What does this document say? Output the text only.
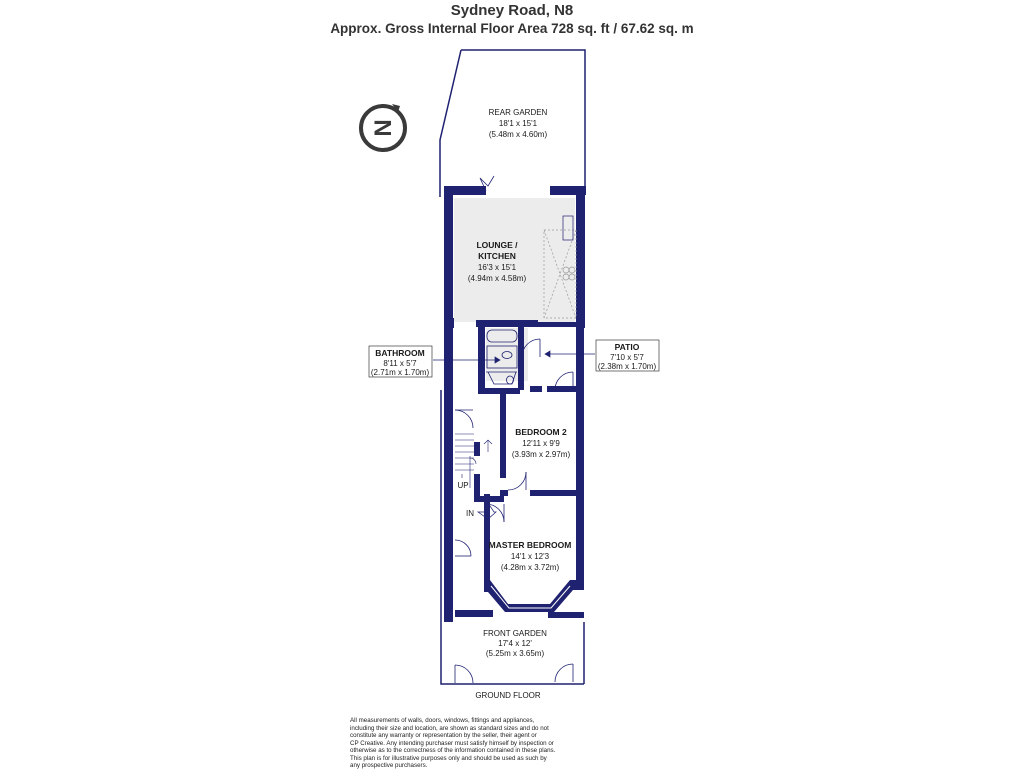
Sydney Road, N8
Approx. Gross Internal Floor Area 728 sq. ft / 67.62 sq. m
N
REAR GARDEN
18'1 x 15'1
(5.48m x 4.60m)
LOUNGE /
KITCHEN
16'3 x 15'1
(4.94m x 4.58m)
BATHROOM
8'11 x 5'7
(2.71m x 1.70m)
PATIO
7'10 x 5'7
(2.38m x 1.70m)
BEDROOM 2
12'11 x 9'9
(3.93m x 2.97m)
MASTER BEDROOM
14'1 x 12'3
(4.28m x 3.72m)
FRONT GARDEN
17'4 x 12'
(5.25m x 3.65m)
UP
IN
GROUND FLOOR
All measurements of walls, doors, windows, fittings and appliances,
including their size and location, are shown as standard sizes and do not
constitute any warranty or representation by the seller, their agent or
CP Creative. Any intending purchaser must satisfy himself by inspection or
otherwise as to the correctness of the information contained in these plans.
This plan is for illustrative purposes only and should be used as such by
any prospective purchasers.
